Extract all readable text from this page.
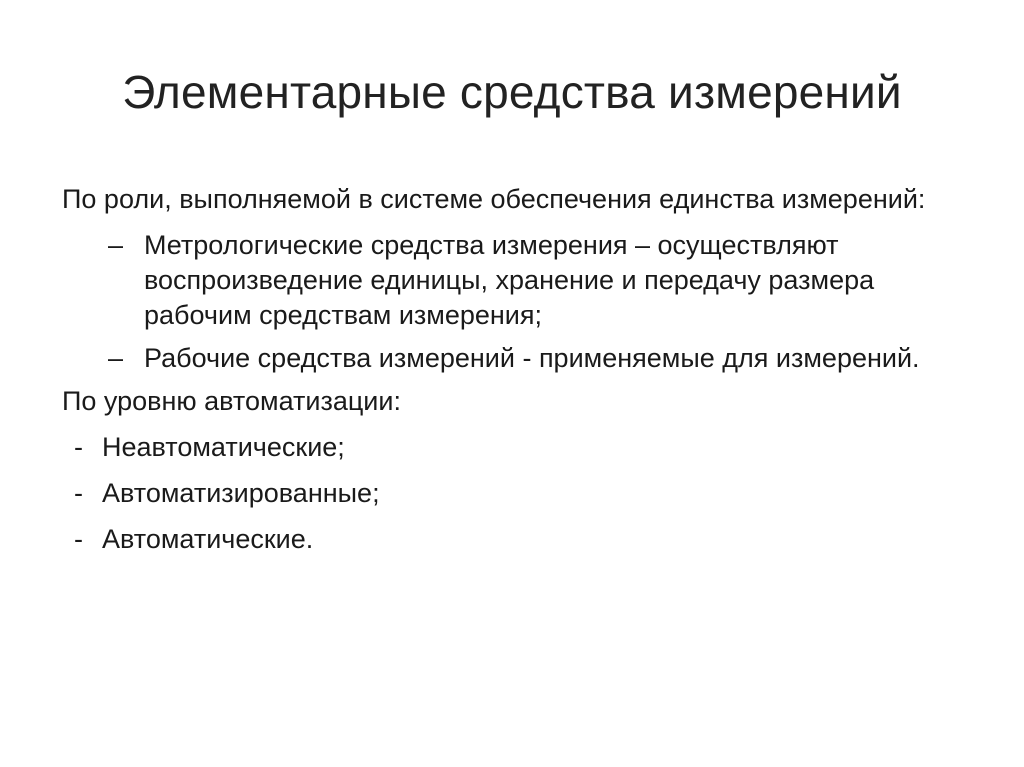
Элементарные средства измерений
По роли, выполняемой в системе обеспечения единства измерений:
– Метрологические средства измерения – осуществляют воспроизведение единицы, хранение и передачу размера рабочим средствам измерения;
– Рабочие средства измерений - применяемые для измерений.
По уровню автоматизации:
- Неавтоматические;
- Автоматизированные;
- Автоматические.
